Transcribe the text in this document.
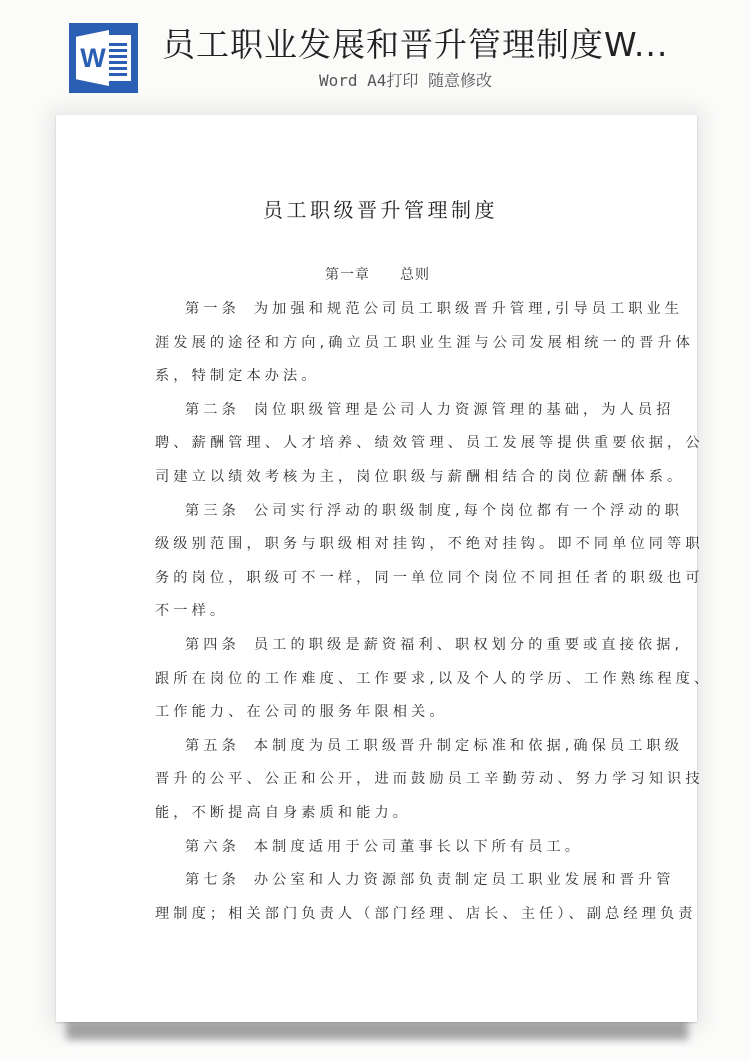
W 员工职业发展和晋升管理制度W...
Word A4打印 随意修改
员工职级晋升管理制度
第一章 总则
第一条 为加强和规范公司员工职级晋升管理,引导员工职业生
涯发展的途径和方向,确立员工职业生涯与公司发展相统一的晋升体
系，特制定本办法。
第二条 岗位职级管理是公司人力资源管理的基础，为人员招
聘、薪酬管理、人才培养、绩效管理、员工发展等提供重要依据，公
司建立以绩效考核为主，岗位职级与薪酬相结合的岗位薪酬体系。
第三条 公司实行浮动的职级制度,每个岗位都有一个浮动的职
级级别范围，职务与职级相对挂钩，不绝对挂钩。即不同单位同等职
务的岗位，职级可不一样，同一单位同个岗位不同担任者的职级也可
不一样。
第四条 员工的职级是薪资福利、职权划分的重要或直接依据,
跟所在岗位的工作难度、工作要求,以及个人的学历、工作熟练程度、
工作能力、在公司的服务年限相关。
第五条 本制度为员工职级晋升制定标准和依据,确保员工职级
晋升的公平、公正和公开，进而鼓励员工辛勤劳动、努力学习知识技
能，不断提高自身素质和能力。
第六条 本制度适用于公司董事长以下所有员工。
第七条 办公室和人力资源部负责制定员工职业发展和晋升管
理制度；相关部门负责人（部门经理、店长、主任）、副总经理负责
